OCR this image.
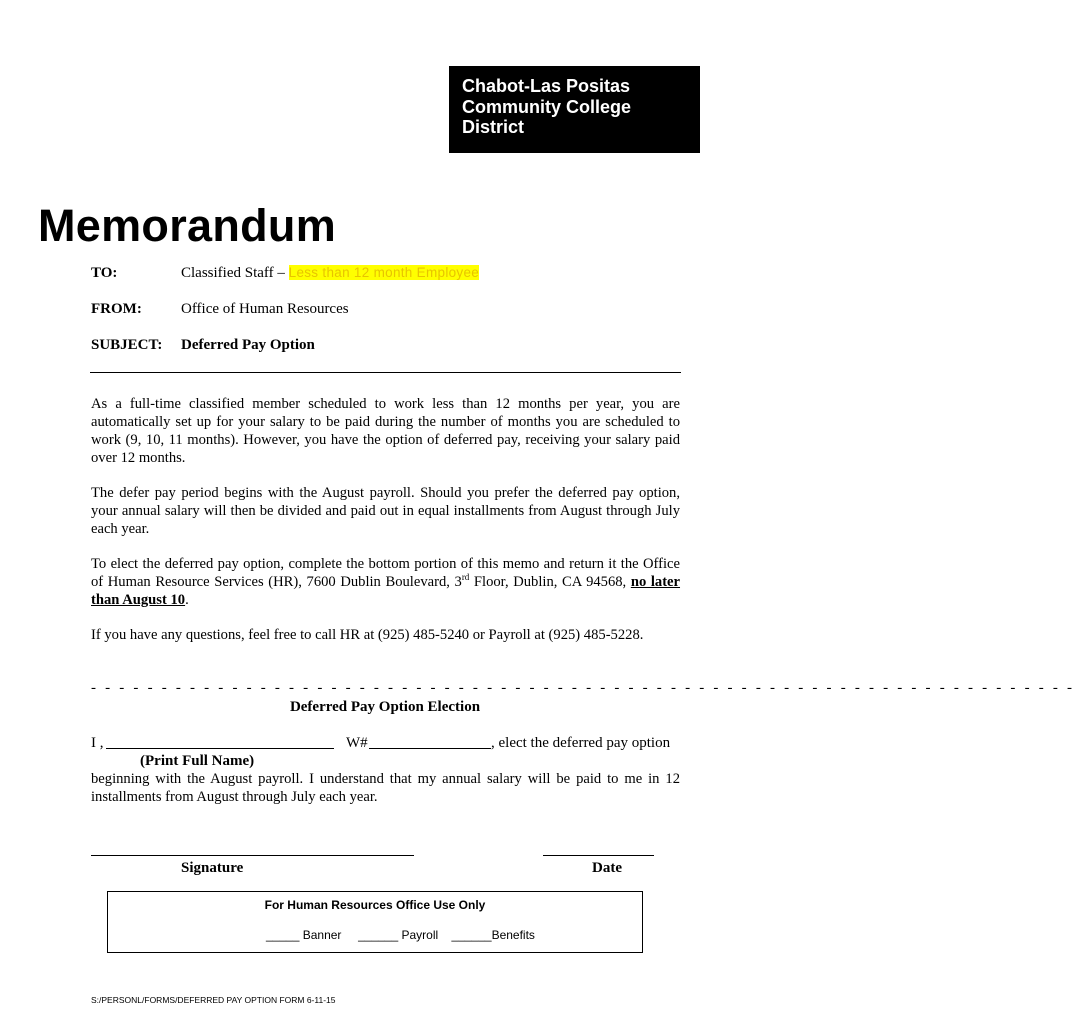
Chabot-Las Positas
Community College
District
Memorandum
TO:	Classified Staff – Less than 12 month Employee
FROM:	Office of Human Resources
SUBJECT: Deferred Pay Option

As a full-time classified member scheduled to work less than 12 months per year, you are automatically set up for your salary to be paid during the number of months you are scheduled to work (9, 10, 11 months). However, you have the option of deferred pay, receiving your salary paid over 12 months.

The defer pay period begins with the August payroll. Should you prefer the deferred pay option, your annual salary will then be divided and paid out in equal installments from August through July each year.

To elect the deferred pay option, complete the bottom portion of this memo and return it the Office of Human Resource Services (HR), 7600 Dublin Boulevard, 3rd Floor, Dublin, CA 94568, no later than August 10.

If you have any questions, feel free to call HR at (925) 485-5240 or Payroll at (925) 485-5228.

- - - - - - - - - - - - - - - - - - - - - - - - - - - - - - - - - - - - - - - - - - - - - - - - - - - - - - - - - - - - - - - - - - - - - -
Deferred Pay Option Election
I ,	W#	, elect the deferred pay option
(Print Full Name)

beginning with the August payroll. I understand that my annual salary will be paid to me in 12 installments from August through July each year.

Signature	Date
For Human Resources Office Use Only
_____ Banner ______ Payroll ______Benefits
S:/PERSONL/FORMS/DEFERRED PAY OPTION FORM 6-11-15
